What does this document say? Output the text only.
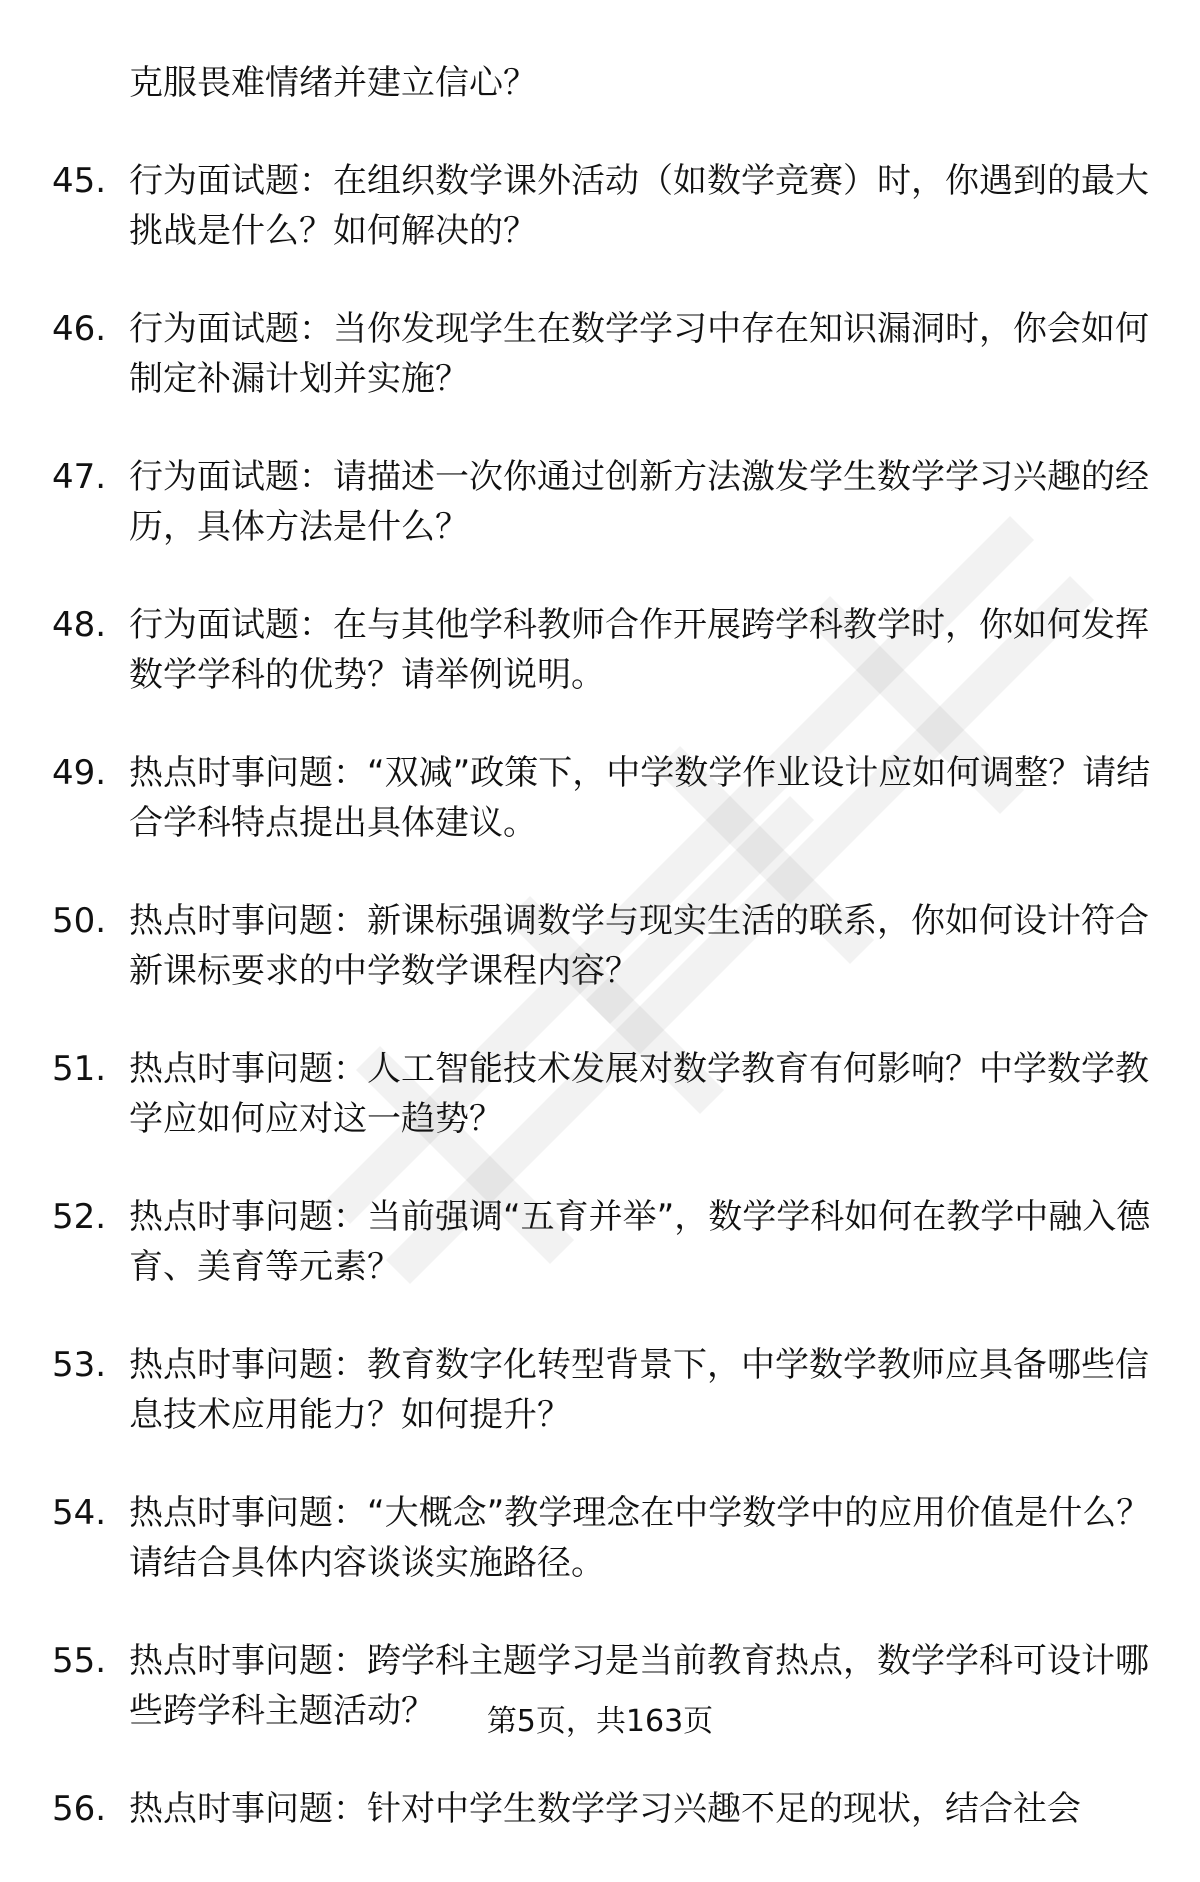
克服畏难情绪并建立信心？
45. 行为面试题：在组织数学课外活动（如数学竞赛）时，你遇到的最大挑战是什么？如何解决的？
46. 行为面试题：当你发现学生在数学学习中存在知识漏洞时，你会如何制定补漏计划并实施？
47. 行为面试题：请描述一次你通过创新方法激发学生数学学习兴趣的经历，具体方法是什么？
48. 行为面试题：在与其他学科教师合作开展跨学科教学时，你如何发挥数学学科的优势？请举例说明。
49. 热点时事问题：“双减”政策下，中学数学作业设计应如何调整？请结合学科特点提出具体建议。
50. 热点时事问题：新课标强调数学与现实生活的联系，你如何设计符合新课标要求的中学数学课程内容？
51. 热点时事问题：人工智能技术发展对数学教育有何影响？中学数学教学应如何应对这一趋势？
52. 热点时事问题：当前强调“五育并举”，数学学科如何在教学中融入德育、美育等元素？
53. 热点时事问题：教育数字化转型背景下，中学数学教师应具备哪些信息技术应用能力？如何提升？
54. 热点时事问题：“大概念”教学理念在中学数学中的应用价值是什么？请结合具体内容谈谈实施路径。
55. 热点时事问题：跨学科主题学习是当前教育热点，数学学科可设计哪些跨学科主题活动？
56. 热点时事问题：针对中学生数学学习兴趣不足的现状，结合社会
第5页，共163页
